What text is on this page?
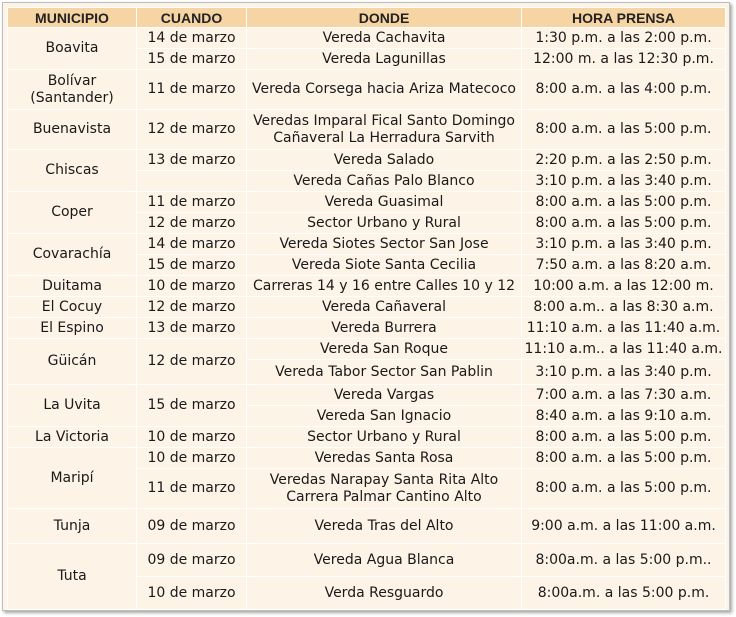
MUNICIPIO	CUANDO	DONDE	HORA PRENSA
Boavita	14 de marzo	Vereda Cachavita	1:30 p.m. a las 2:00 p.m.
	15 de marzo	Vereda Lagunillas	12:00 m. a las 12:30 p.m.
Bolívar (Santander)	11 de marzo	Vereda Corsega hacia Ariza Matecoco	8:00 a.m. a las 4:00 p.m.
Buenavista	12 de marzo	Veredas Imparal Fical Santo Domingo Cañaveral La Herradura Sarvith	8:00 a.m. a las 5:00 p.m.
Chiscas	13 de marzo	Vereda Salado	2:20 p.m. a las 2:50 p.m.
		Vereda Cañas Palo Blanco	3:10 p.m. a las 3:40 p.m.
Coper	11 de marzo	Vereda Guasimal	8:00 a.m. a las 5:00 p.m.
	12 de marzo	Sector Urbano y Rural	8:00 a.m. a las 5:00 p.m.
Covarachía	14 de marzo	Vereda Siotes Sector San Jose	3:10 p.m. a las 3:40 p.m.
	15 de marzo	Vereda Siote Santa Cecilia	7:50 a.m. a las 8:20 a.m.
Duitama	10 de marzo	Carreras 14 y 16 entre Calles 10 y 12	10:00 a.m. a las 12:00 m.
El Cocuy	12 de marzo	Vereda Cañaveral	8:00 a.m.. a las 8:30 a.m.
El Espino	13 de marzo	Vereda Burrera	11:10 a.m. a las 11:40 a.m.
Güicán	12 de marzo	Vereda San Roque	11:10 a.m.. a las 11:40 a.m.
		Vereda Tabor Sector San Pablin	3:10 p.m. a las 3:40 p.m.
La Uvita	15 de marzo	Vereda Vargas	7:00 a.m. a las 7:30 a.m.
		Vereda San Ignacio	8:40 a.m. a las 9:10 a.m.
La Victoria	10 de marzo	Sector Urbano y Rural	8:00 a.m. a las 5:00 p.m.
Maripí	10 de marzo	Veredas Santa Rosa	8:00 a.m. a las 5:00 p.m.
	11 de marzo	Veredas Narapay Santa Rita Alto Carrera Palmar Cantino Alto	8:00 a.m. a las 5:00 p.m.
Tunja	09 de marzo	Vereda Tras del Alto	9:00 a.m. a las 11:00 a.m.
Tuta	09 de marzo	Vereda Agua Blanca	8:00a.m. a las 5:00 p.m..
	10 de marzo	Verda Resguardo	8:00a.m. a las 5:00 p.m.
